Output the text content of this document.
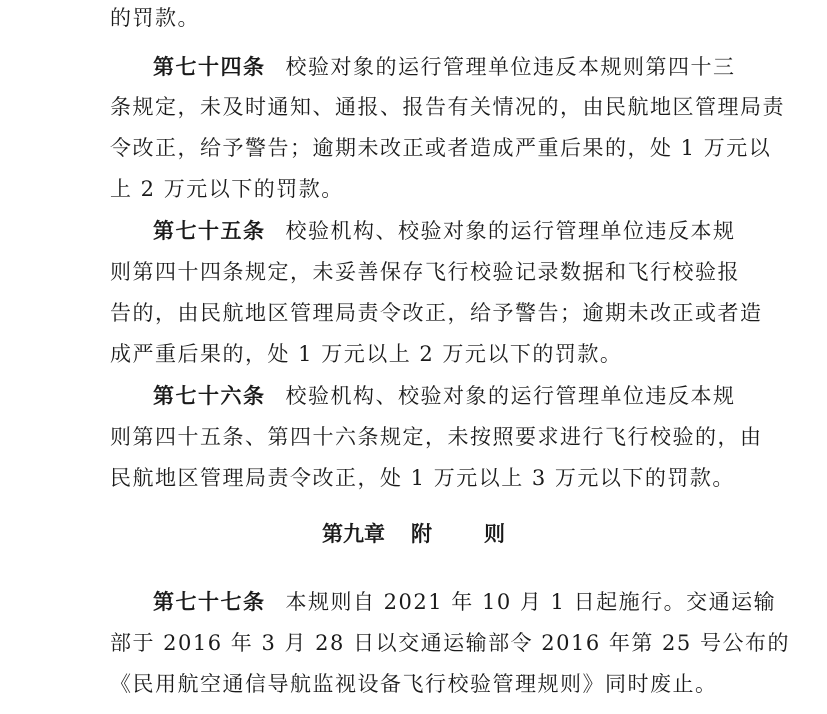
的罚款。
第七十四条 校验对象的运行管理单位违反本规则第四十三
条规定，未及时通知、通报、报告有关情况的，由民航地区管理局责
令改正，给予警告；逾期未改正或者造成严重后果的，处 1 万元以
上 2 万元以下的罚款。
第七十五条 校验机构、校验对象的运行管理单位违反本规
则第四十四条规定，未妥善保存飞行校验记录数据和飞行校验报
告的，由民航地区管理局责令改正，给予警告；逾期未改正或者造
成严重后果的，处 1 万元以上 2 万元以下的罚款。
第七十六条 校验机构、校验对象的运行管理单位违反本规
则第四十五条、第四十六条规定，未按照要求进行飞行校验的，由
民航地区管理局责令改正，处 1 万元以上 3 万元以下的罚款。
第九章 附 则
第七十七条 本规则自 2021 年 10 月 1 日起施行。交通运输
部于 2016 年 3 月 28 日以交通运输部令 2016 年第 25 号公布的
《民用航空通信导航监视设备飞行校验管理规则》同时废止。
